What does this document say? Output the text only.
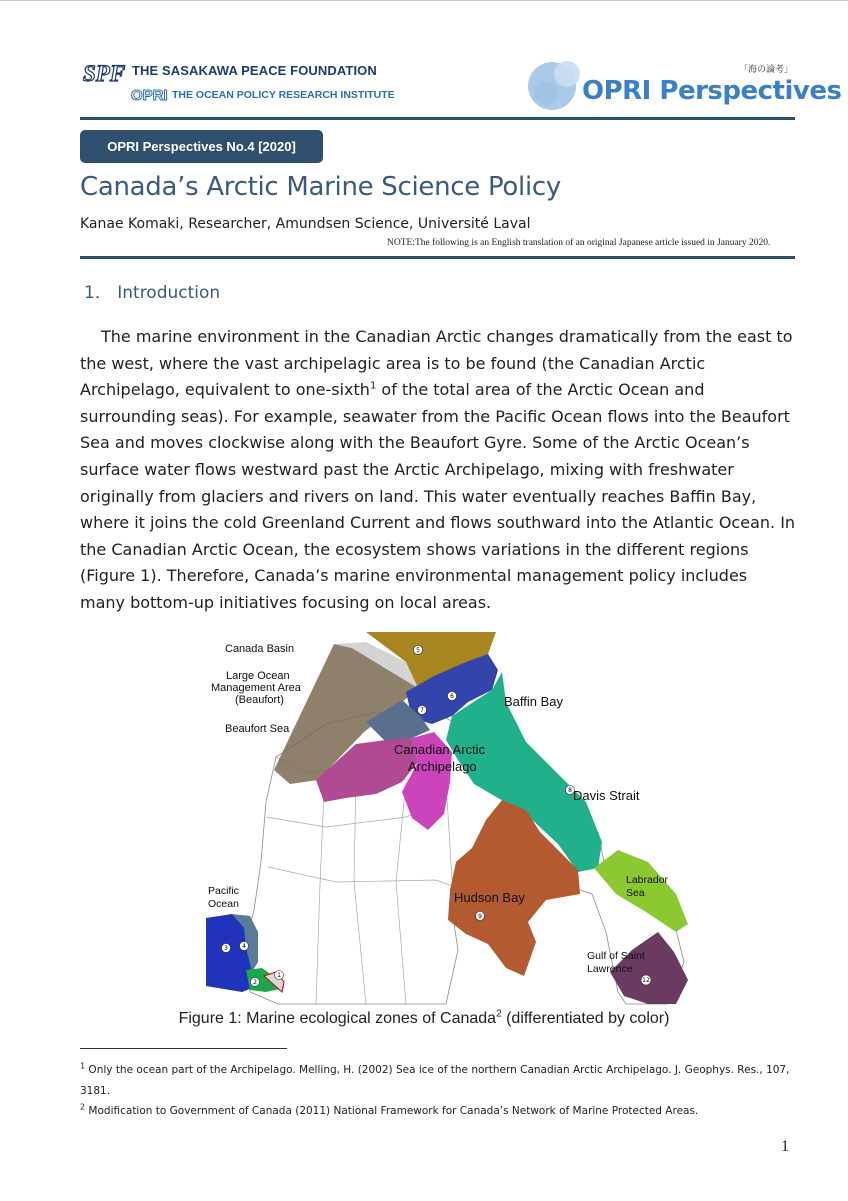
SPF THE SASAKAWA PEACE FOUNDATION
OPRI THE OCEAN POLICY RESEARCH INSTITUTE
「海の論考」
OPRI Perspectives
OPRI Perspectives No.4 [2020]
Canada’s Arctic Marine Science Policy
Kanae Komaki, Researcher, Amundsen Science, Université Laval
NOTE:The following is an English translation of an original Japanese article issued in January 2020.
1． Introduction
The marine environment in the Canadian Arctic changes dramatically from the east to the west, where the vast archipelagic area is to be found (the Canadian Arctic Archipelago, equivalent to one-sixth$^1$ of the total area of the Arctic Ocean and surrounding seas). For example, seawater from the Pacific Ocean flows into the Beaufort Sea and moves clockwise along with the Beaufort Gyre. Some of the Arctic Ocean’s surface water flows westward past the Arctic Archipelago, mixing with freshwater originally from glaciers and rivers on land. This water eventually reaches Baffin Bay, where it joins the cold Greenland Current and flows southward into the Atlantic Ocean. In the Canadian Arctic Ocean, the ecosystem shows variations in the different regions (Figure 1). Therefore, Canada’s marine environmental management policy includes many bottom-up initiatives focusing on local areas.
1
2
3 4
5
6
7
8
9
12
Canada Basin
Large Ocean
Management Area
(Beaufort)
Beaufort Sea
Baffin Bay
Canadian Arctic
Archipelago
Davis Strait
Labrador
Sea
Hudson Bay
Pacific
Ocean
Gulf of Saint
Lawrence
Figure 1: Marine ecological zones of Canada$^2$ (differentiated by color)
$^1$ Only the ocean part of the Archipelago. Melling, H. (2002) Sea ice of the northern Canadian Arctic Archipelago. J. Geophys. Res., 107, 3181.
$^2$ Modification to Government of Canada (2011) National Framework for Canada’s Network of Marine Protected Areas.
1
